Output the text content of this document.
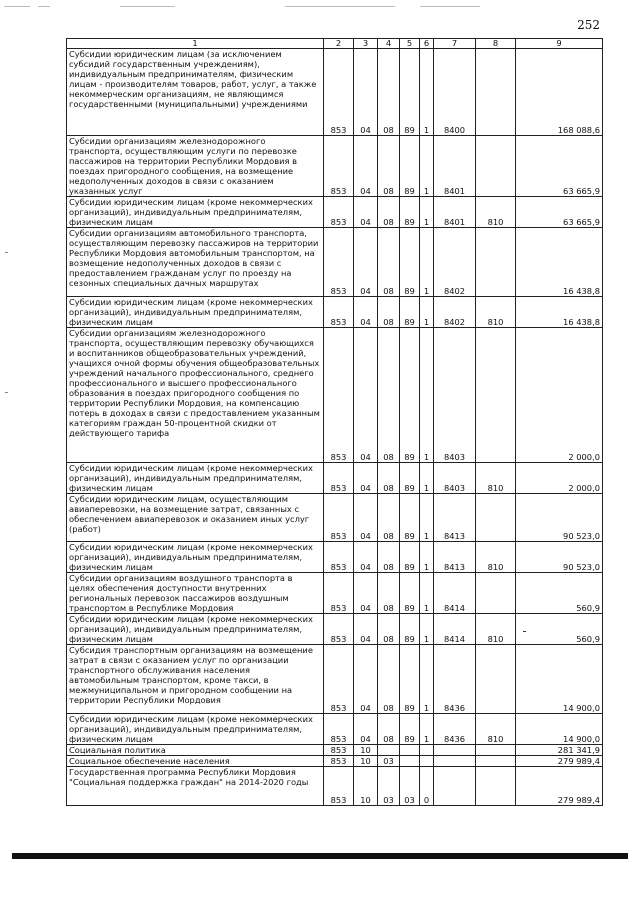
252
1	2	3	4	5	6	7	8	9
Субсидии юридическим лицам (за исключением субсидий государственным учреждениям), индивидуальным предпринимателям, физическим лицам - производителям товаров, работ, услуг, а также некоммерческим организациям, не являющимся государственными (муниципальными) учреждениями	853	04	08	89	1	8400		168 088,6
Субсидии организациям железнодорожного транспорта, осуществляющим услуги по перевозке пассажиров на территории Республики Мордовия в поездах пригородного сообщения, на возмещение недополученных доходов в связи с оказанием указанных услуг	853	04	08	89	1	8401		63 665,9
Субсидии юридическим лицам (кроме некоммерческих организаций), индивидуальным предпринимателям, физическим лицам	853	04	08	89	1	8401	810	63 665,9
Субсидии организациям автомобильного транспорта, осуществляющим перевозку пассажиров на территории Республики Мордовия автомобильным транспортом, на возмещение недополученных доходов в связи с предоставлением гражданам услуг по проезду на сезонных специальных дачных маршрутах	853	04	08	89	1	8402		16 438,8
Субсидии юридическим лицам (кроме некоммерческих организаций), индивидуальным предпринимателям, физическим лицам	853	04	08	89	1	8402	810	16 438,8
Субсидии организациям железнодорожного транспорта, осуществляющим перевозку обучающихся и воспитанников общеобразовательных учреждений, учащихся очной формы обучения общеобразовательных учреждений начального профессионального, среднего профессионального и высшего профессионального образования в поездах пригородного сообщения по территории Республики Мордовия, на компенсацию потерь в доходах в связи с предоставлением указанным категориям граждан 50-процентной скидки от действующего тарифа	853	04	08	89	1	8403		2 000,0
Субсидии юридическим лицам (кроме некоммерческих организаций), индивидуальным предпринимателям, физическим лицам	853	04	08	89	1	8403	810	2 000,0
Субсидии юридическим лицам, осуществляющим авиаперевозки, на возмещение затрат, связанных с обеспечением авиаперевозок и оказанием иных услуг (работ)	853	04	08	89	1	8413		90 523,0
Субсидии юридическим лицам (кроме некоммерческих организаций), индивидуальным предпринимателям, физическим лицам	853	04	08	89	1	8413	810	90 523,0
Субсидии организациям воздушного транспорта в целях обеспечения доступности внутренних региональных перевозок пассажиров воздушным транспортом в Республике Мордовия	853	04	08	89	1	8414		560,9
Субсидии юридическим лицам (кроме некоммерческих организаций), индивидуальным предпринимателям, физическим лицам	853	04	08	89	1	8414	810	560,9
Субсидия транспортным организациям на возмещение затрат в связи с оказанием услуг по организации транспортного обслуживания населения автомобильным транспортом, кроме такси, в межмуниципальном и пригородном сообщении на территории Республики Мордовия	853	04	08	89	1	8436		14 900,0
Субсидии юридическим лицам (кроме некоммерческих организаций), индивидуальным предпринимателям, физическим лицам	853	04	08	89	1	8436	810	14 900,0
Социальная политика	853	10						281 341,9
Социальное обеспечение населения	853	10	03					279 989,4
Государственная программа Республики Мордовия "Социальная поддержка граждан" на 2014-2020 годы	853	10	03	03	0			279 989,4
